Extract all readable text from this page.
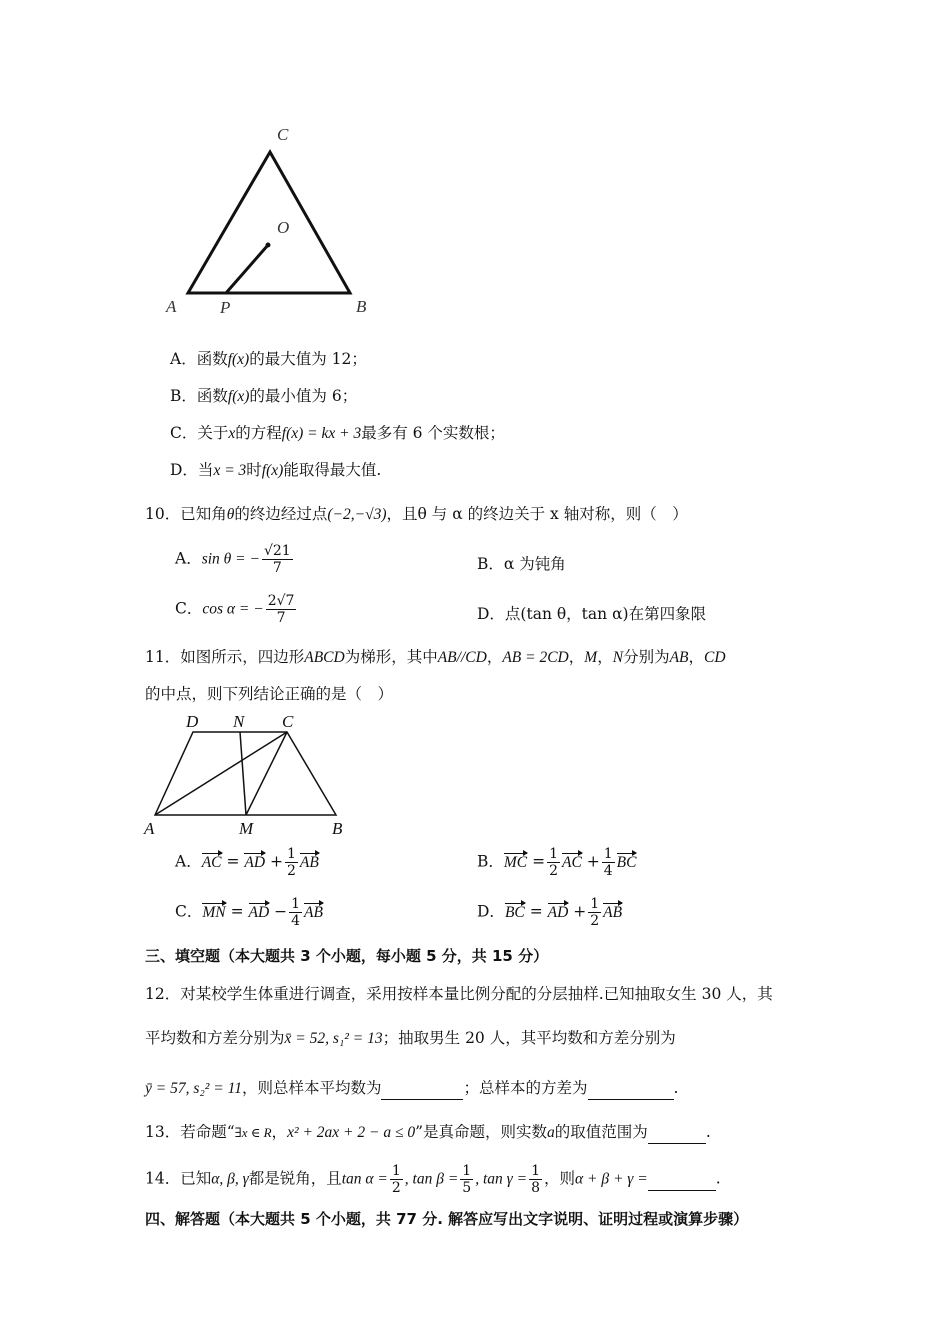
C
O
A	P	B
A．函数f(x)的最大值为 12；
B．函数f(x)的最小值为 6；
C．关于x的方程f(x) = kx + 3最多有 6 个实数根；
D．当x = 3时f(x)能取得最大值.
10．已知角θ的终边经过点(−2,−√3)，且θ 与 α 的终边关于 x 轴对称，则（　）
A．sin θ = − $\frac{√21}{7}$	B．α 为钝角
C．cos α = − $\frac{2√7}{7}$	D．点(tan θ，tan α)在第四象限
11．如图所示，四边形ABCD为梯形，其中AB//CD，AB = 2CD，M，N分别为AB，CD
的中点，则下列结论正确的是（　）
D N C
A	M	B
A．AC = AD + $\frac{1}{2}$ AB	B．MC = $\frac{1}{2}$ AC + $\frac{1}{4}$ BC
C．MN = AD − $\frac{1}{4}$ AB	D．BC = AD + $\frac{1}{2}$ AB
三、填空题（本大题共 3 个小题，每小题 5 分，共 15 分）
12．对某校学生体重进行调查，采用按样本量比例分配的分层抽样.已知抽取女生 30 人，其
平均数和方差分别为x̄ = 52, s₁² = 13；抽取男生 20 人，其平均数和方差分别为
ȳ = 57, s₂² = 11，则总样本平均数为	；总样本的方差为	.
13．若命题“∃x ∈ R，x² + 2ax + 2 − a ≤ 0”是真命题，则实数a的取值范围为	.
14．已知α, β, γ都是锐角，且$\tan \alpha = \frac{1}{2}$ , $\tan \beta = \frac{1}{5}$ , $\tan \gamma = \frac{1}{8}$ ，则α + β + γ =	.
四、解答题（本大题共 5 个小题，共 77 分. 解答应写出文字说明、证明过程或演算步骤）
